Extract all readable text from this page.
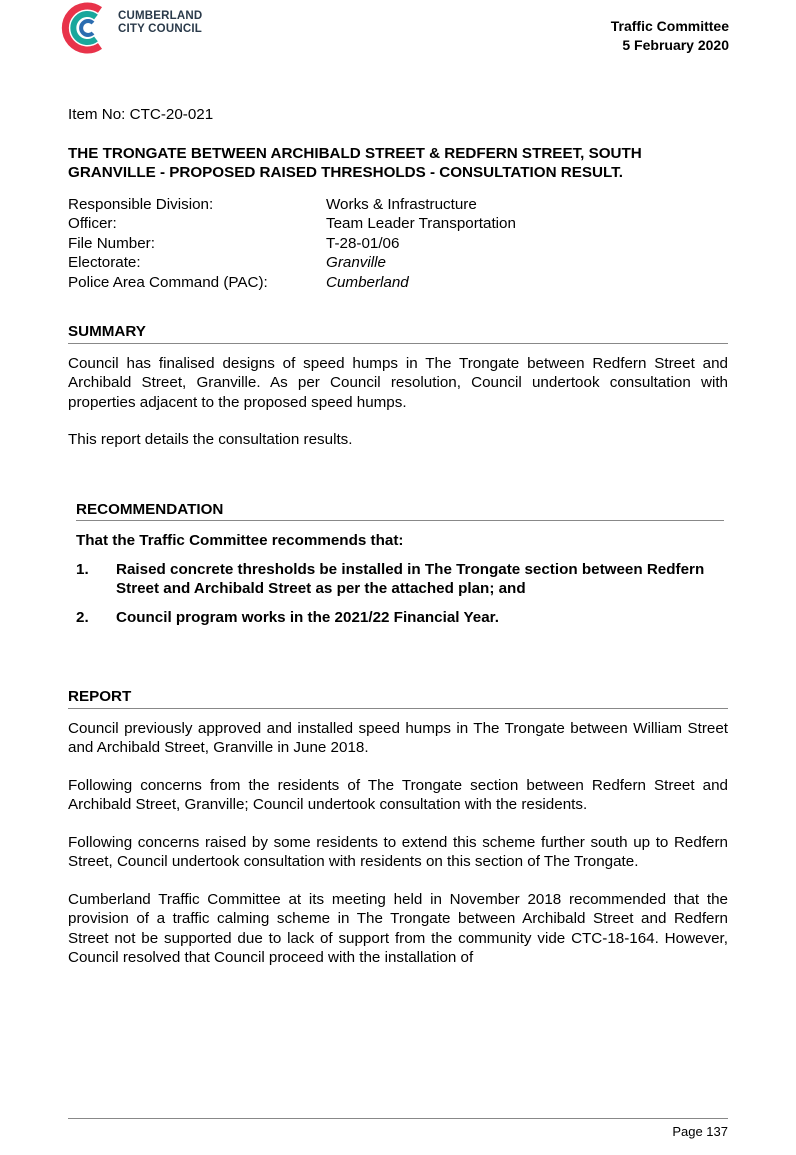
CUMBERLAND
CITY COUNCIL	Traffic Committee
5 February 2020
Item No: CTC-20-021
THE TRONGATE BETWEEN ARCHIBALD STREET & REDFERN STREET, SOUTH GRANVILLE - PROPOSED RAISED THRESHOLDS - CONSULTATION RESULT.
Responsible Division:	Works & Infrastructure
Officer:	Team Leader Transportation
File Number:	T-28-01/06
Electorate:	Granville
Police Area Command (PAC):	Cumberland
SUMMARY

Council has finalised designs of speed humps in The Trongate between Redfern Street and Archibald Street, Granville. As per Council resolution, Council undertook consultation with properties adjacent to the proposed speed humps.

This report details the consultation results.

RECOMMENDATION
That the Traffic Committee recommends that:
1.	Raised concrete thresholds be installed in The Trongate section between Redfern Street and Archibald Street as per the attached plan; and
2.	Council program works in the 2021/22 Financial Year.
REPORT

Council previously approved and installed speed humps in The Trongate between William Street and Archibald Street, Granville in June 2018.

Following concerns from the residents of The Trongate section between Redfern Street and Archibald Street, Granville; Council undertook consultation with the residents.

Following concerns raised by some residents to extend this scheme further south up to Redfern Street, Council undertook consultation with residents on this section of The Trongate.

Cumberland Traffic Committee at its meeting held in November 2018 recommended that the provision of a traffic calming scheme in The Trongate between Archibald Street and Redfern Street not be supported due to lack of support from the community vide CTC-18-164. However, Council resolved that Council proceed with the installation of

Page 137
